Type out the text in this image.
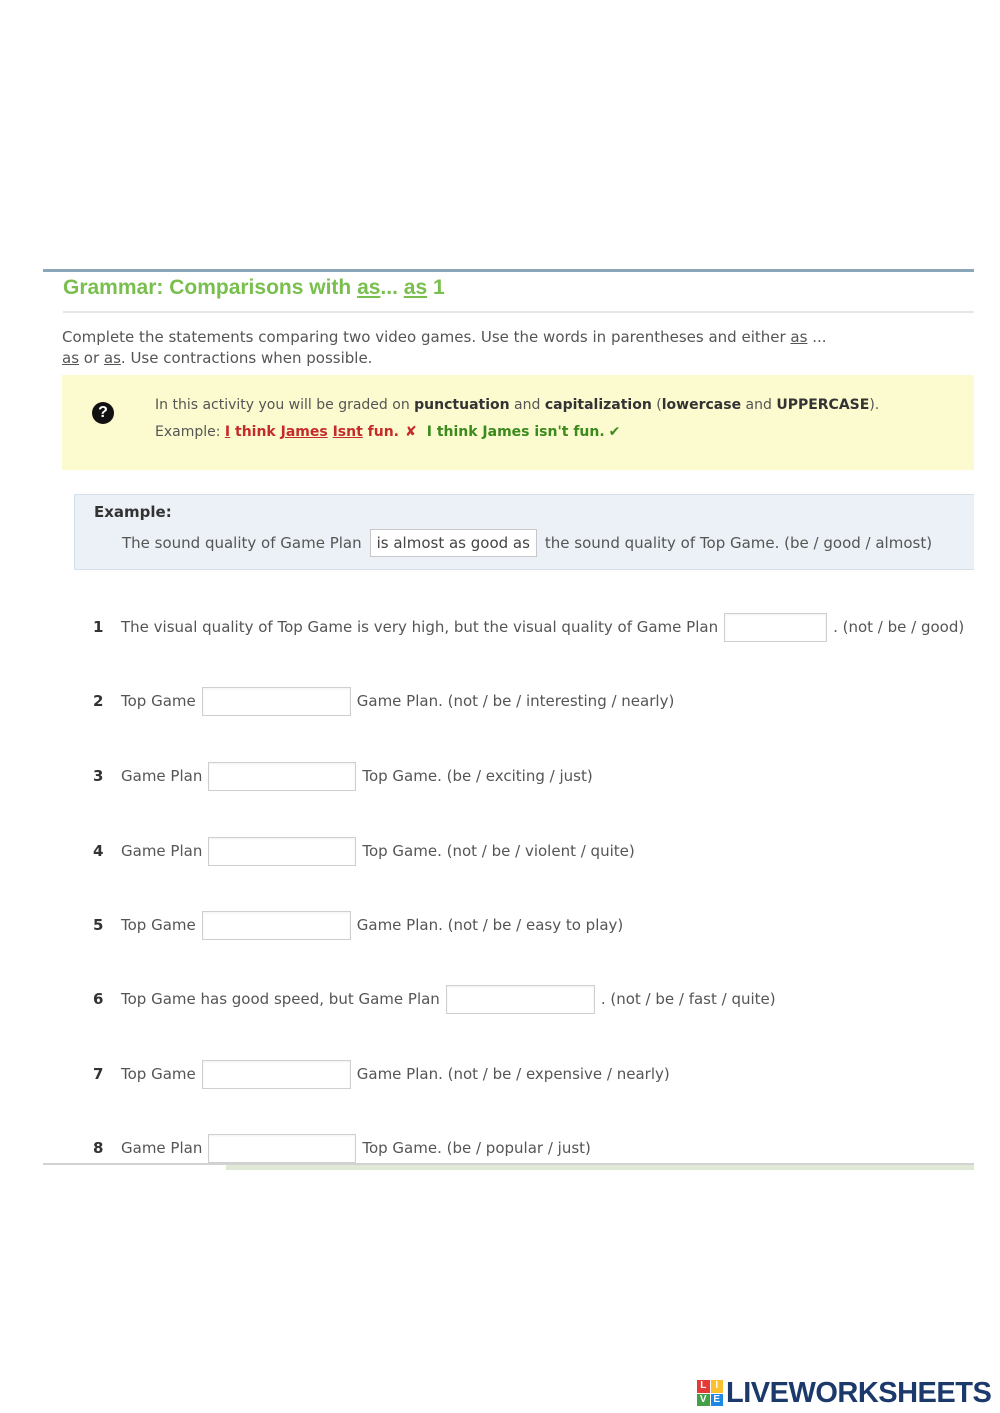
Grammar: Comparisons with as... as 1
Complete the statements comparing two video games. Use the words in parentheses and either as ...
as or as. Use contractions when possible.
?	In this activity you will be graded on punctuation and capitalization (lowercase and UPPERCASE).
Example: I think James Isnt fun. ✘ I think James isn't fun. ✔
Example:
The sound quality of Game Plan	is almost as good as	the sound quality of Top Game. (be / good / almost)
1	The visual quality of Top Game is very high, but the visual quality of Game Plan	. (not / be / good)
2	Top Game	Game Plan. (not / be / interesting / nearly)
3	Game Plan	Top Game. (be / exciting / just)
4	Game Plan	Top Game. (not / be / violent / quite)
5	Top Game	Game Plan. (not / be / easy to play)
6	Top Game has good speed, but Game Plan	. (not / be / fast / quite)
7	Top Game	Game Plan. (not / be / expensive / nearly)
8	Game Plan	Top Game. (be / popular / just)
L I
V E LIVEWORKSHEETS
